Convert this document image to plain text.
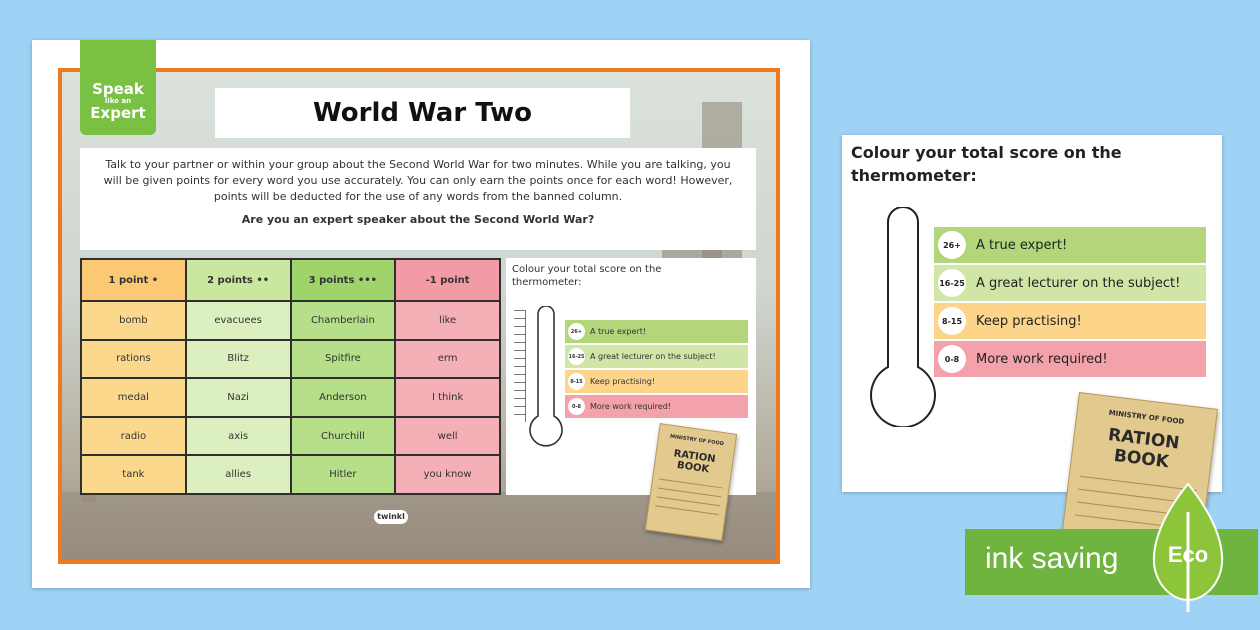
Speak
like an
Expert	World War Two

Talk to your partner or within your group about the Second World War for two minutes. While you are talking, you will be given points for every word you use accurately. You can only earn the points once for each word! However, points will be deducted for the use of any words from the banned column.

Are you an expert speaker about the Second World War?

1 point •	2 points ••	3 points •••	-1 point
bomb	evacuees	Chamberlain	like
rations	Blitz	Spitfire	erm
medal	Nazi	Anderson	I think
radio	axis	Churchill	well
tank	allies	Hitler	you know

Colour your total score on the thermometer:

26+ A true expert!
16-25 A great lecturer on the subject!
8-15 Keep practising!
0-8	More work required!
MINISTRY OF FOOD
RATION BOOK
twinkl

Colour your total score on the thermometer:

26+	A true expert!
16-25 A great lecturer on the subject!
8-15	Keep practising!
0-8	More work required!
MINISTRY OF FOOD
RATION BOOK
ink saving	Eco
